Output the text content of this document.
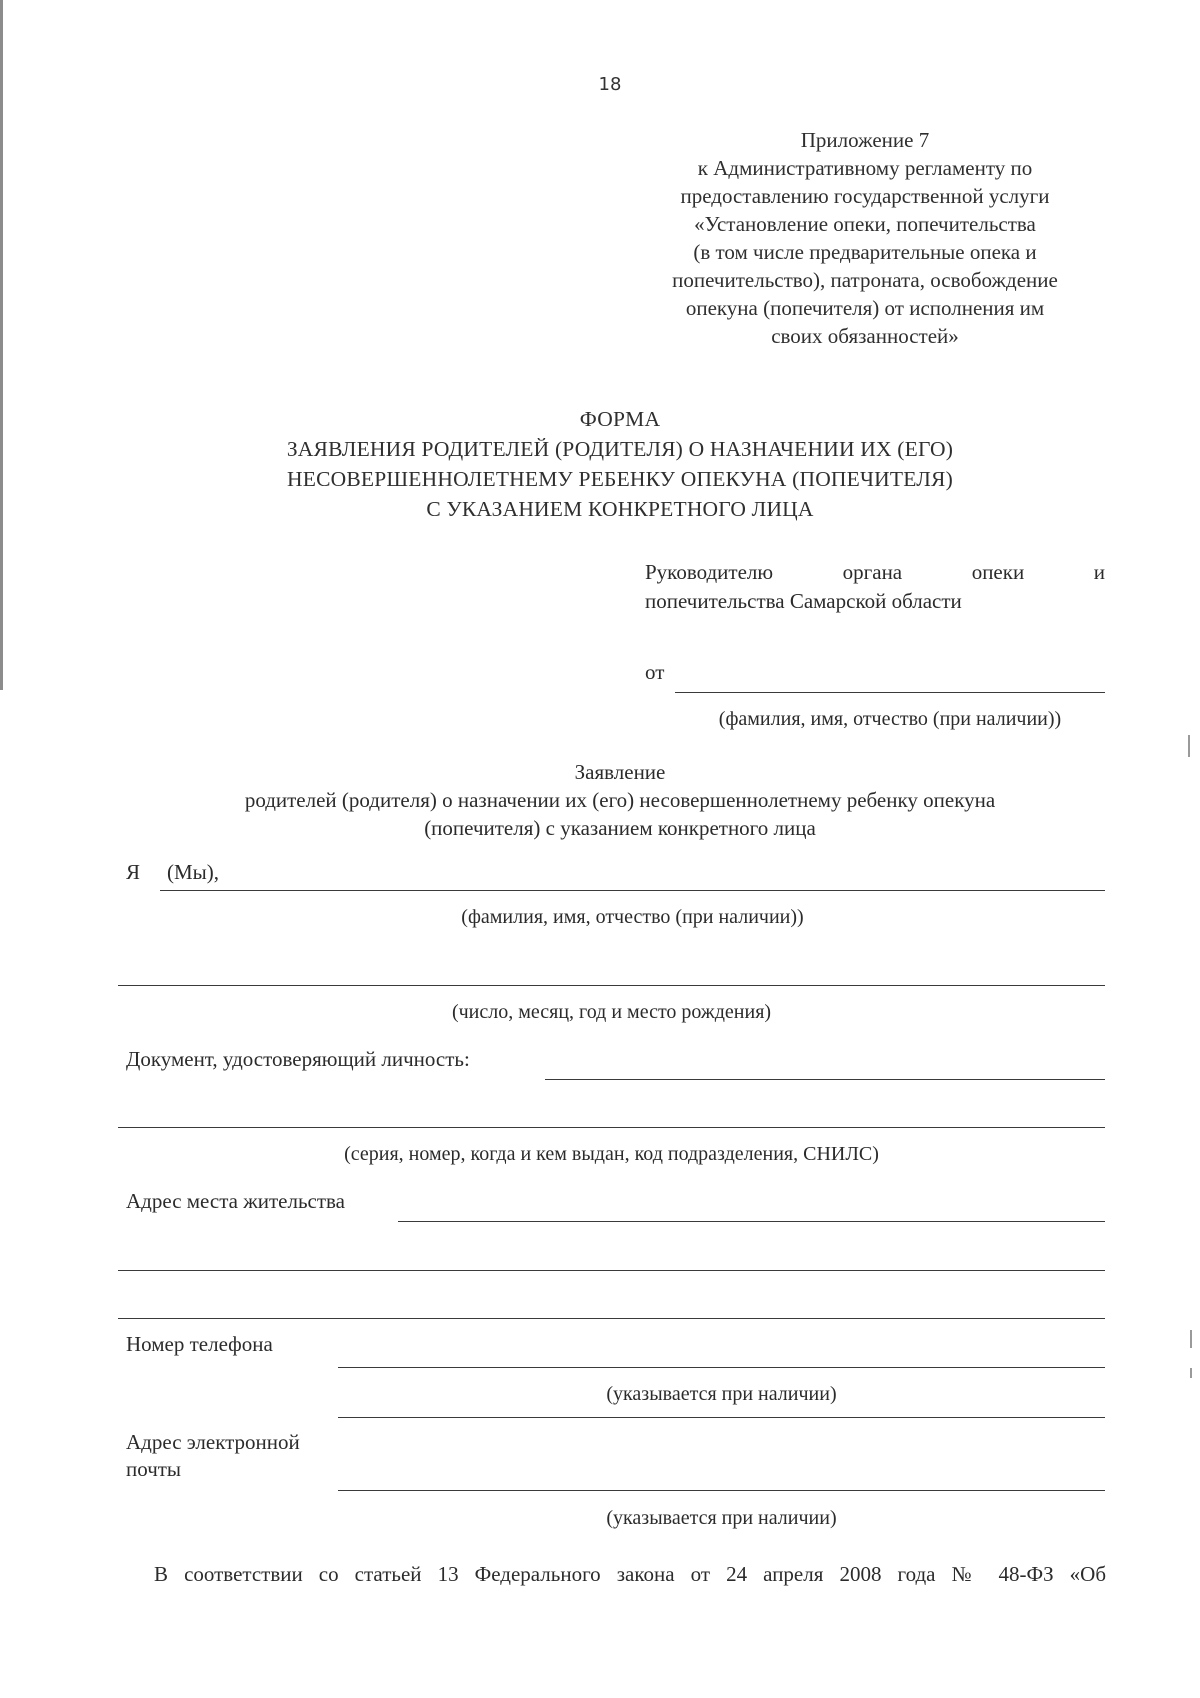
18
Приложение 7
к Административному регламенту по
предоставлению государственной услуги
«Установление опеки, попечительства
(в том числе предварительные опека и
попечительство), патроната, освобождение
опекуна (попечителя) от исполнения им
своих обязанностей»
ФОРМА
ЗАЯВЛЕНИЯ РОДИТЕЛЕЙ (РОДИТЕЛЯ) О НАЗНАЧЕНИИ ИХ (ЕГО)
НЕСОВЕРШЕННОЛЕТНЕМУ РЕБЕНКУ ОПЕКУНА (ПОПЕЧИТЕЛЯ)
С УКАЗАНИЕМ КОНКРЕТНОГО ЛИЦА
Руководителю органа опеки и
попечительства Самарской области
от
(фамилия, имя, отчество (при наличии))
Заявление
родителей (родителя) о назначении их (его) несовершеннолетнему ребенку опекуна
(попечителя) с указанием конкретного лица
Я (Мы),
(фамилия, имя, отчество (при наличии))
(число, месяц, год и место рождения)
Документ, удостоверяющий личность:
(серия, номер, когда и кем выдан, код подразделения, СНИЛС)
Адрес места жительства
Номер телефона
(указывается при наличии)
Адрес электронной почты
(указывается при наличии)
В соответствии со статьей 13 Федерального закона от 24 апреля 2008 года № 48-ФЗ «Об
